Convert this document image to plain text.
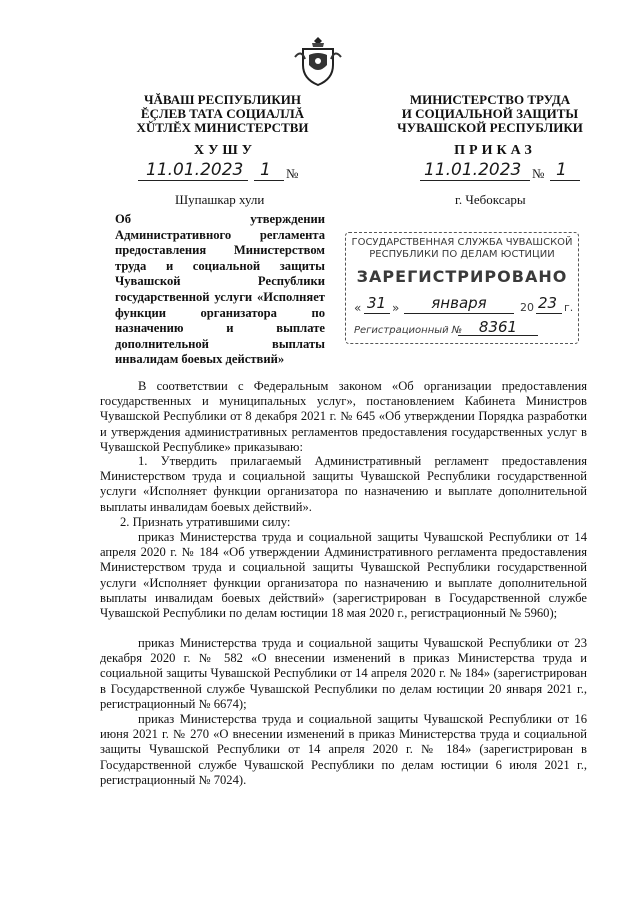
ЧĂВАШ РЕСПУБЛИКИН
ĔÇЛЕВ ТАТА СОЦИАЛЛĂ
ХŬТЛĔХ МИНИСТЕРСТВИ
МИНИСТЕРСТВО ТРУДА
И СОЦИАЛЬНОЙ ЗАЩИТЫ
ЧУВАШСКОЙ РЕСПУБЛИКИ
ХУШУ	ПРИКАЗ
11.01.2023 1	№	11.01.2023 № 1
Шупашкар хули	г. Чебоксары
Об утверждении Административного регламента предоставления Министерством труда и социальной защиты Чувашской Республики государственной услуги «Исполняет функции организатора по назначению и выплате дополнительной выплаты инвалидам боевых действий»
ГОСУДАРСТВЕННАЯ СЛУЖБА ЧУВАШСКОЙ
РЕСПУБЛИКИ ПО ДЕЛАМ ЮСТИЦИИ
ЗАРЕГИСТРИРОВАНО
« 31 »	января	20 23 г.
Регистрационный №	8361

В соответствии с Федеральным законом «Об организации предоставления государственных и муниципальных услуг», постановлением Кабинета Министров Чувашской Республики от 8 декабря 2021 г. № 645 «Об утверждении Порядка разработки и утверждения административных регламентов предоставления государственных услуг в Чувашской Республике» приказываю:

1. Утвердить прилагаемый Административный регламент предоставления Министерством труда и социальной защиты Чувашской Республики государственной услуги «Исполняет функции организатора по назначению и выплате дополнительной выплаты инвалидам боевых действий».

2. Признать утратившими силу:

приказ Министерства труда и социальной защиты Чувашской Республики от 14 апреля 2020 г. № 184 «Об утверждении Административного регламента предоставления Министерством труда и социальной защиты Чувашской Республики государственной услуги «Исполняет функции организатора по назначению и выплате дополнительной выплаты инвалидам боевых действий» (зарегистрирован в Государственной службе Чувашской Республики по делам юстиции 18 мая 2020 г., регистрационный № 5960);

приказ Министерства труда и социальной защиты Чувашской Республики от 23 декабря 2020 г. № 582 «О внесении изменений в приказ Министерства труда и социальной защиты Чувашской Республики от 14 апреля 2020 г. № 184» (зарегистрирован в Государственной службе Чувашской Республики по делам юстиции 20 января 2021 г., регистрационный № 6674);

приказ Министерства труда и социальной защиты Чувашской Республики от 16 июня 2021 г. № 270 «О внесении изменений в приказ Министерства труда и социальной защиты Чувашской Республики от 14 апреля 2020 г. № 184» (зарегистрирован в Государственной службе Чувашской Республики по делам юстиции 6 июля 2021 г., регистрационный № 7024).
